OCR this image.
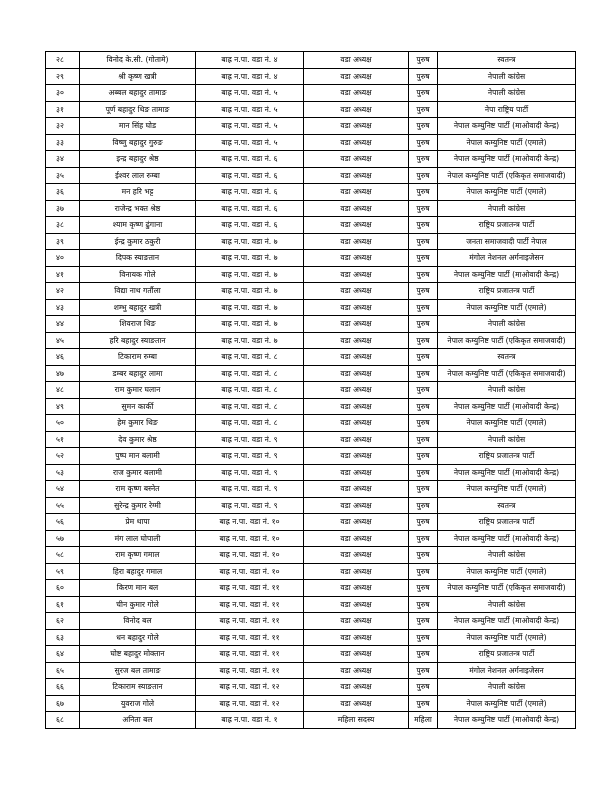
२८	विनोद के.सी. (गोतामे)	बाह्र न.पा. वडा नं. ४	वडा अध्यक्ष	पुरुष	स्वतन्त्र
२९	श्री कृष्ण खत्री	बाह्र न.पा. वडा नं. ४	वडा अध्यक्ष	पुरुष	नेपाली कांग्रेस
३०	अब्बल बहादुर तामाङ	बाह्र न.पा. वडा नं. ५	वडा अध्यक्ष	पुरुष	नेपाली कांग्रेस
३१	पूर्ण बहादुर थिङ तामाङ	बाह्र न.पा. वडा नं. ५	वडा अध्यक्ष	पुरुष	नेपा राष्ट्रिय पार्टी
३२	मान सिंह घोड	बाह्र न.पा. वडा नं. ५	वडा अध्यक्ष	पुरुष	नेपाल कम्युनिष्ट पार्टी (माओवादी केन्द्र)
३३	विष्णु बहादुर गुरुङ	बाह्र न.पा. वडा नं. ५	वडा अध्यक्ष	पुरुष	नेपाल कम्युनिष्ट पार्टी (एमाले)
३४	इन्द्र बहादुर श्रेष्ठ	बाह्र न.पा. वडा नं. ६	वडा अध्यक्ष	पुरुष	नेपाल कम्युनिष्ट पार्टी (माओवादी केन्द्र)
३५	ईश्वर लाल रुम्बा	बाह्र न.पा. वडा नं. ६	वडा अध्यक्ष	पुरुष	नेपाल कम्युनिष्ट पार्टी (एकिकृत समाजवादी)
३६	मन हरि भट्ट	बाह्र न.पा. वडा नं. ६	वडा अध्यक्ष	पुरुष	नेपाल कम्युनिष्ट पार्टी (एमाले)
३७	राजेन्द्र भक्त श्रेष्ठ	बाह्र न.पा. वडा नं. ६	वडा अध्यक्ष	पुरुष	नेपाली कांग्रेस
३८	श्याम कृष्ण ढुंगाना	बाह्र न.पा. वडा नं. ६	वडा अध्यक्ष	पुरुष	राष्ट्रिय प्रजातन्त्र पार्टी
३९	ईन्द्र कुमार ठकुरी	बाह्र न.पा. वडा नं. ७	वडा अध्यक्ष	पुरुष	जनता समाजवादी पार्टी नेपाल
४०	दिपक स्याङतान	बाह्र न.पा. वडा नं. ७	वडा अध्यक्ष	पुरुष	मंगोल नेशनल अर्गनाइजेसन
४१	विनायक गोले	बाह्र न.पा. वडा नं. ७	वडा अध्यक्ष	पुरुष	नेपाल कम्युनिष्ट पार्टी (माओवादी केन्द्र)
४२	विद्या नाथ गर्तौला	बाह्र न.पा. वडा नं. ७	वडा अध्यक्ष	पुरुष	राष्ट्रिय प्रजातन्त्र पार्टी
४३	शम्भु बहादुर खत्री	बाह्र न.पा. वडा नं. ७	वडा अध्यक्ष	पुरुष	नेपाल कम्युनिष्ट पार्टी (एमाले)
४४	शिवराज थिङ	बाह्र न.पा. वडा नं. ७	वडा अध्यक्ष	पुरुष	नेपाली कांग्रेस
४५	हरि बहादुर स्याङतान	बाह्र न.पा. वडा नं. ७	वडा अध्यक्ष	पुरुष	नेपाल कम्युनिष्ट पार्टी (एकिकृत समाजवादी)
४६	टिकाराम रुम्बा	बाह्र न.पा. वडा नं. ८	वडा अध्यक्ष	पुरुष	स्वतन्त्र
४७	डम्बर बहादुर लामा	बाह्र न.पा. वडा नं. ८	वडा अध्यक्ष	पुरुष	नेपाल कम्युनिष्ट पार्टी (एकिकृत समाजवादी)
४८	राम कुमार घलान	बाह्र न.पा. वडा नं. ८	वडा अध्यक्ष	पुरुष	नेपाली कांग्रेस
४९	सुमन कार्की	बाह्र न.पा. वडा नं. ८	वडा अध्यक्ष	पुरुष	नेपाल कम्युनिष्ट पार्टी (माओवादी केन्द्र)
५०	हेम कुमार थिङ	बाह्र न.पा. वडा नं. ८	वडा अध्यक्ष	पुरुष	नेपाल कम्युनिष्ट पार्टी (एमाले)
५१	देव कुमार श्रेष्ठ	बाह्र न.पा. वडा नं. ९	वडा अध्यक्ष	पुरुष	नेपाली कांग्रेस
५२	पुष्प मान बलामी	बाह्र न.पा. वडा नं. ९	वडा अध्यक्ष	पुरुष	राष्ट्रिय प्रजातन्त्र पार्टी
५३	राज कुमार बलामी	बाह्र न.पा. वडा नं. ९	वडा अध्यक्ष	पुरुष	नेपाल कम्युनिष्ट पार्टी (माओवादी केन्द्र)
५४	राम कृष्ण बस्नेत	बाह्र न.पा. वडा नं. ९	वडा अध्यक्ष	पुरुष	नेपाल कम्युनिष्ट पार्टी (एमाले)
५५	सुरेन्द्र कुमार रेग्मी	बाह्र न.पा. वडा नं. ९	वडा अध्यक्ष	पुरुष	स्वतन्त्र
५६	प्रेम थापा	बाह्र न.पा. वडा नं. १०	वडा अध्यक्ष	पुरुष	राष्ट्रिय प्रजातन्त्र पार्टी
५७	मंग लाल घोपाली	बाह्र न.पा. वडा नं. १०	वडा अध्यक्ष	पुरुष	नेपाल कम्युनिष्ट पार्टी (माओवादी केन्द्र)
५८	राम कृष्ण गमाल	बाह्र न.पा. वडा नं. १०	वडा अध्यक्ष	पुरुष	नेपाली कांग्रेस
५९	हिरा बहादुर गमाल	बाह्र न.पा. वडा नं. १०	वडा अध्यक्ष	पुरुष	नेपाल कम्युनिष्ट पार्टी (एमाले)
६०	किरण मान बल	बाह्र न.पा. वडा नं. ११	वडा अध्यक्ष	पुरुष	नेपाल कम्युनिष्ट पार्टी (एकिकृत समाजवादी)
६१	चीन कुमार गोले	बाह्र न.पा. वडा नं. ११	वडा अध्यक्ष	पुरुष	नेपाली कांग्रेस
६२	विनोद बल	बाह्र न.पा. वडा नं. ११	वडा अध्यक्ष	पुरुष	नेपाल कम्युनिष्ट पार्टी (माओवादी केन्द्र)
६३	धन बहादुर गोले	बाह्र न.पा. वडा नं. ११	वडा अध्यक्ष	पुरुष	नेपाल कम्युनिष्ट पार्टी (एमाले)
६४	घोष्ट बहादुर मोक्तान	बाह्र न.पा. वडा नं. ११	वडा अध्यक्ष	पुरुष	राष्ट्रिय प्रजातन्त्र पार्टी
६५	सुरज बल तामाङ	बाह्र न.पा. वडा नं. ११	वडा अध्यक्ष	पुरुष	मंगोल नेशनल अर्गनाइजेसन
६६	टिकाराम स्याङतान	बाह्र न.पा. वडा नं. १२	वडा अध्यक्ष	पुरुष	नेपाली कांग्रेस
६७	युवराज गोले	बाह्र न.पा. वडा नं. १२	वडा अध्यक्ष	पुरुष	नेपाल कम्युनिष्ट पार्टी (एमाले)
६८	अनिता बल	बाह्र न.पा. वडा नं. १	महिला सदस्य	महिला	नेपाल कम्युनिष्ट पार्टी (माओवादी केन्द्र)
